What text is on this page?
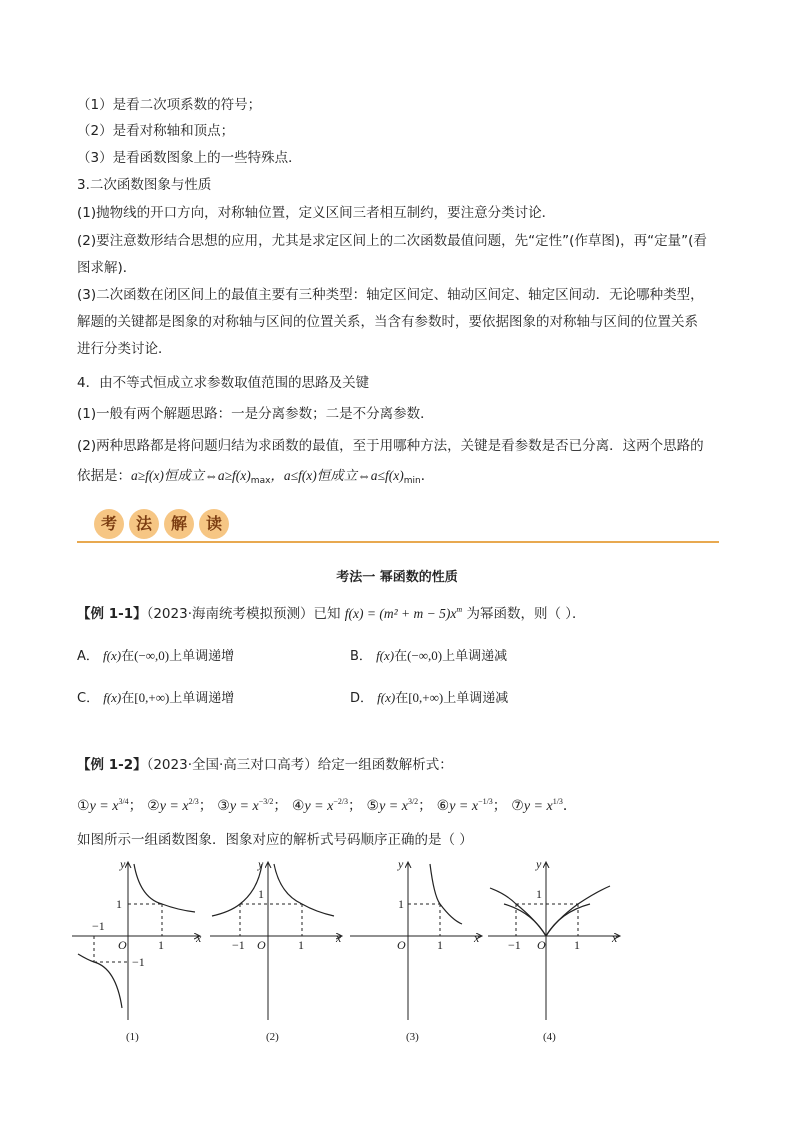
（1）是看二次项系数的符号；
（2）是看对称轴和顶点；
（3）是看函数图象上的一些特殊点．
3.二次函数图象与性质
(1)抛物线的开口方向，对称轴位置，定义区间三者相互制约，要注意分类讨论．
(2)要注意数形结合思想的应用，尤其是求定区间上的二次函数最值问题，先“定性”(作草图)，再“定量”(看
图求解)．
(3)二次函数在闭区间上的最值主要有三种类型：轴定区间定、轴动区间定、轴定区间动．无论哪种类型，
解题的关键都是图象的对称轴与区间的位置关系，当含有参数时，要依据图象的对称轴与区间的位置关系
进行分类讨论．
4．由不等式恒成立求参数取值范围的思路及关键
(1)一般有两个解题思路：一是分离参数；二是不分离参数．
(2)两种思路都是将问题归结为求函数的最值，至于用哪种方法，关键是看参数是否已分离．这两个思路的
依据是：a≥f(x)恒成立$\Leftrightarrow a\ge f(x)_{max}$，a≤f(x)恒成立$\Leftrightarrow a\le f(x)_{min}$．
考	法	解	读
考法一 幂函数的性质
【例 1-1】（2023·海南统考模拟预测）已知 $f(x) = (m^2 + m - 5)x^m$ 为幂函数，则（ ）．
A． f(x)在(−∞,0)上单调递增	B． f(x)在(−∞,0)上单调递减
C． f(x)在[0,+∞)上单调递增	D． f(x)在[0,+∞)上单调递减
【例 1-2】（2023·全国·高三对口高考）给定一组函数解析式：
①y = $x^{3/4}$； ②y = $x^{2/3}$； ③y = $x^{-3/2}$； ④y = $x^{-2/3}$； ⑤y = $x^{3/2}$； ⑥y = $x^{-1/3}$； ⑦y = $x^{1/3}$．
如图所示一组函数图象．图象对应的解析式号码顺序正确的是（ ）
y
x
O
1
1
−1
−1
(1)
y
x
O
1
1
−1
(2)
y
x
O
1
1
(3)
y
x
O
1
1
−1
(4)
